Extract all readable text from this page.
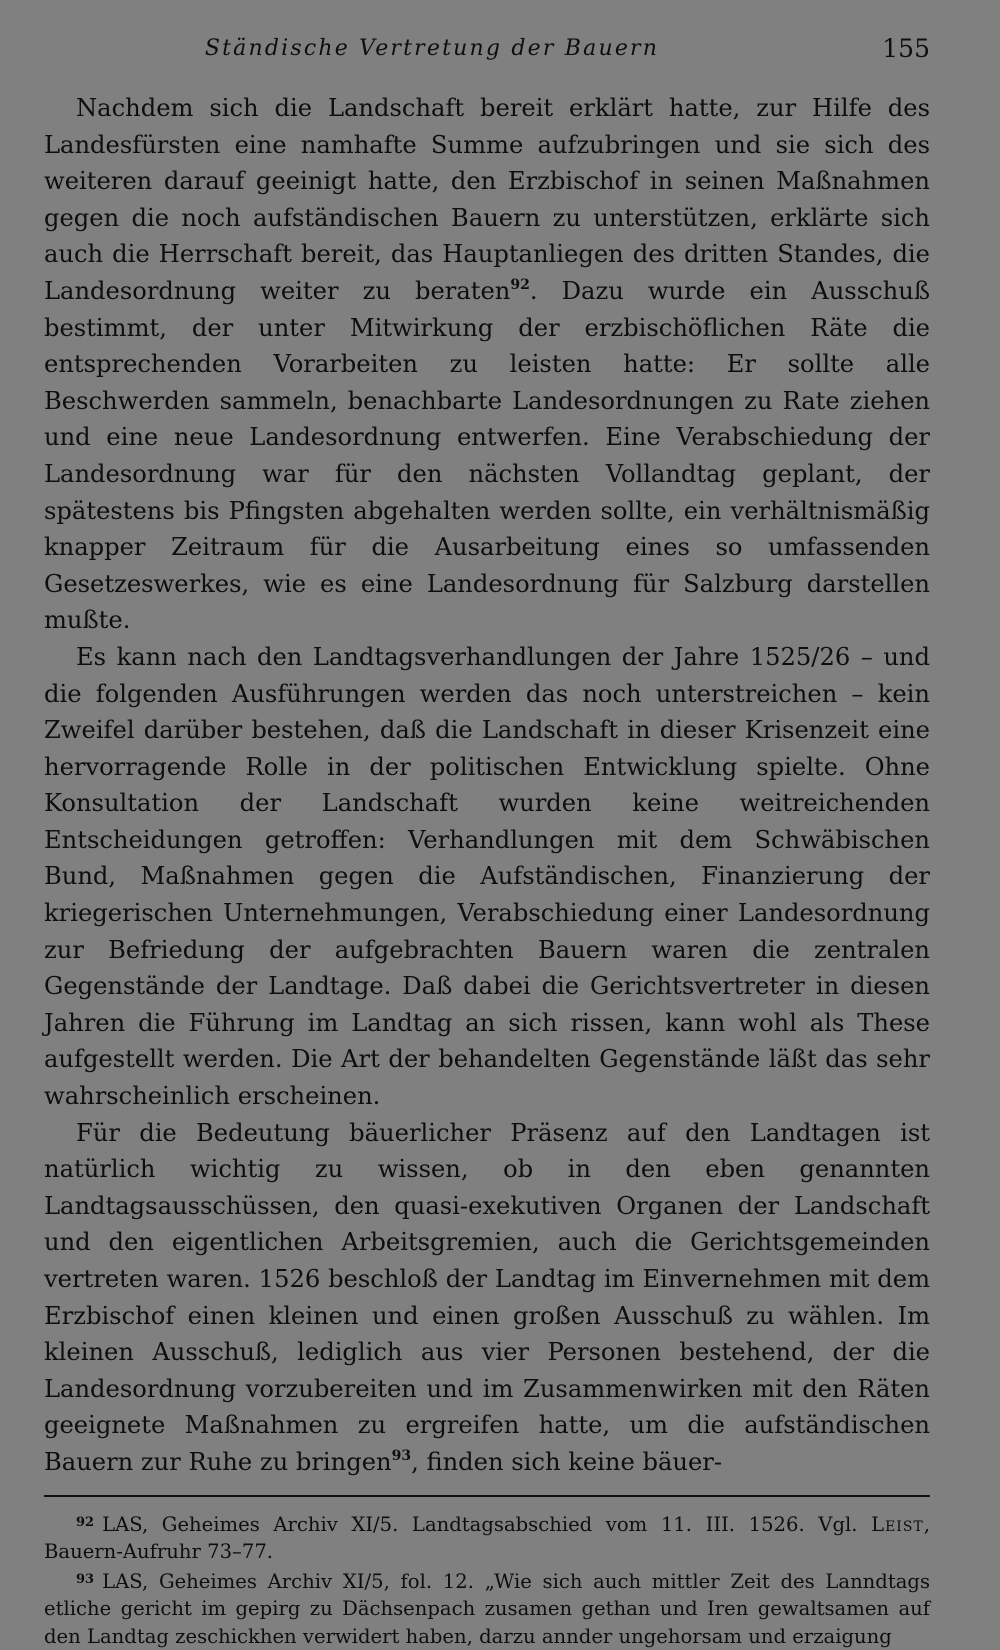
Ständische Vertretung der Bauern	155

Nachdem sich die Landschaft bereit erklärt hatte, zur Hilfe des Landesfürsten eine namhafte Summe aufzubringen und sie sich des weiteren darauf geeinigt hatte, den Erzbischof in seinen Maßnahmen gegen die noch aufständischen Bauern zu unterstützen, erklärte sich auch die Herrschaft bereit, das Hauptanliegen des dritten Standes, die Landesordnung weiter zu beraten$^{92}$. Dazu wurde ein Ausschuß bestimmt, der unter Mitwirkung der erzbischöflichen Räte die entsprechenden Vorarbeiten zu leisten hatte: Er sollte alle Beschwerden sammeln, benachbarte Landesordnungen zu Rate ziehen und eine neue Landesordnung entwerfen. Eine Verabschiedung der Landesordnung war für den nächsten Vollandtag geplant, der spätestens bis Pfingsten abgehalten werden sollte, ein verhältnismäßig knapper Zeitraum für die Ausarbeitung eines so umfassenden Gesetzeswerkes, wie es eine Landesordnung für Salzburg darstellen mußte.

Es kann nach den Landtagsverhandlungen der Jahre 1525/26 – und die folgenden Ausführungen werden das noch unterstreichen – kein Zweifel darüber bestehen, daß die Landschaft in dieser Krisenzeit eine hervorragende Rolle in der politischen Entwicklung spielte. Ohne Konsultation der Landschaft wurden keine weitreichenden Entscheidungen getroffen: Verhandlungen mit dem Schwäbischen Bund, Maßnahmen gegen die Aufständischen, Finanzierung der kriegerischen Unternehmungen, Verabschiedung einer Landesordnung zur Befriedung der aufgebrachten Bauern waren die zentralen Gegenstände der Landtage. Daß dabei die Gerichtsvertreter in diesen Jahren die Führung im Landtag an sich rissen, kann wohl als These aufgestellt werden. Die Art der behandelten Gegenstände läßt das sehr wahrscheinlich erscheinen.

Für die Bedeutung bäuerlicher Präsenz auf den Landtagen ist natürlich wichtig zu wissen, ob in den eben genannten Landtagsausschüssen, den quasi-exekutiven Organen der Landschaft und den eigentlichen Arbeitsgremien, auch die Gerichtsgemeinden vertreten waren. 1526 beschloß der Landtag im Einvernehmen mit dem Erzbischof einen kleinen und einen großen Ausschuß zu wählen. Im kleinen Ausschuß, lediglich aus vier Personen bestehend, der die Landesordnung vorzubereiten und im Zusammenwirken mit den Räten geeignete Maßnahmen zu ergreifen hatte, um die aufständischen Bauern zur Ruhe zu bringen$^{93}$, finden sich keine bäuer-

$^{92}$ LAS, Geheimes Archiv XI/5. Landtagsabschied vom 11. III. 1526. Vgl. Leist, Bauern-Aufruhr 73–77.

$^{93}$ LAS, Geheimes Archiv XI/5, fol. 12. „Wie sich auch mittler Zeit des Lanndtags etliche gericht im gepirg zu Dächsenpach zusamen gethan und Iren gewaltsamen auf den Landtag zeschickhen verwidert haben, darzu annder ungehorsam und erzaigung
